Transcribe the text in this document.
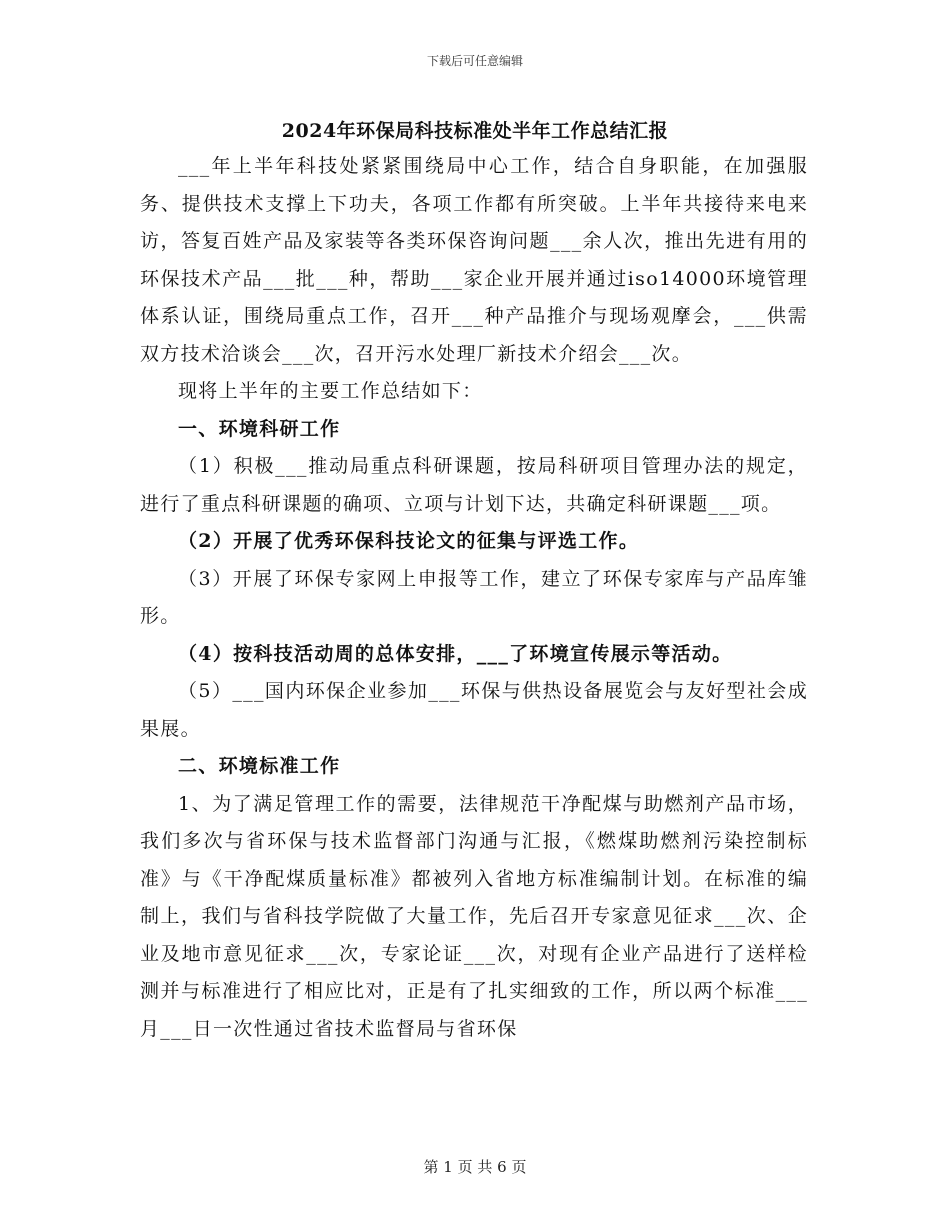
下载后可任意编辑
2024年环保局科技标准处半年工作总结汇报

___年上半年科技处紧紧围绕局中心工作，结合自身职能，在加强服务、提供技术支撑上下功夫，各项工作都有所突破。上半年共接待来电来访，答复百姓产品及家装等各类环保咨询问题___余人次，推出先进有用的环保技术产品___批___种，帮助___家企业开展并通过iso14000环境管理体系认证，围绕局重点工作，召开___种产品推介与现场观摩会，___供需双方技术洽谈会___次，召开污水处理厂新技术介绍会___次。

现将上半年的主要工作总结如下：

一、环境科研工作

（1）积极___推动局重点科研课题，按局科研项目管理办法的规定，进行了重点科研课题的确项、立项与计划下达，共确定科研课题___项。

（2）开展了优秀环保科技论文的征集与评选工作。

（3）开展了环保专家网上申报等工作，建立了环保专家库与产品库雏形。

（4）按科技活动周的总体安排，___了环境宣传展示等活动。

（5）___国内环保企业参加___环保与供热设备展览会与友好型社会成果展。

二、环境标准工作

1、为了满足管理工作的需要，法律规范干净配煤与助燃剂产品市场，我们多次与省环保与技术监督部门沟通与汇报，《燃煤助燃剂污染控制标准》与《干净配煤质量标准》都被列入省地方标准编制计划。在标准的编制上，我们与省科技学院做了大量工作，先后召开专家意见征求___次、企业及地市意见征求___次，专家论证___次，对现有企业产品进行了送样检测并与标准进行了相应比对，正是有了扎实细致的工作，所以两个标准___月___日一次性通过省技术监督局与省环保

第 1 页 共 6 页
